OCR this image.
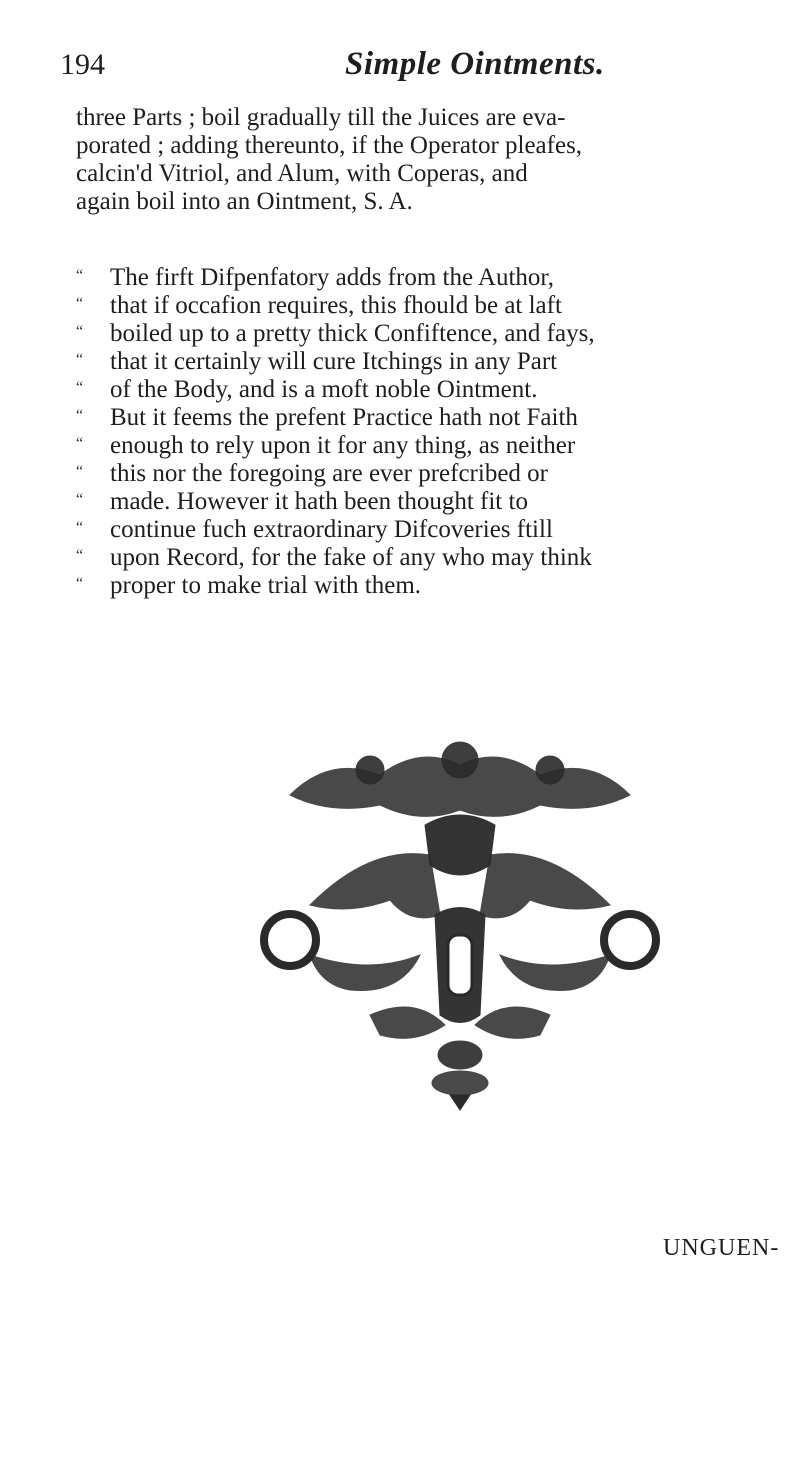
194	Simple Ointments.
three Parts ; boil gradually till the Juices are eva-
porated ; adding thereunto, if the Operator pleafes,
calcin'd Vitriol, and Alum, with Coperas, and
again boil into an Ointment, S. A.
“ The firft Difpenfatory adds from the Author,
“ that if occafion requires, this fhould be at laft
“ boiled up to a pretty thick Confiftence, and fays,
“ that it certainly will cure Itchings in any Part
“ of the Body, and is a moft noble Ointment.
“ But it feems the prefent Practice hath not Faith
“ enough to rely upon it for any thing, as neither
“ this nor the foregoing are ever prefcribed or
“ made. However it hath been thought fit to
“ continue fuch extraordinary Difcoveries ftill
“ upon Record, for the fake of any who may think
“ proper to make trial with them.
UNGUEN-
